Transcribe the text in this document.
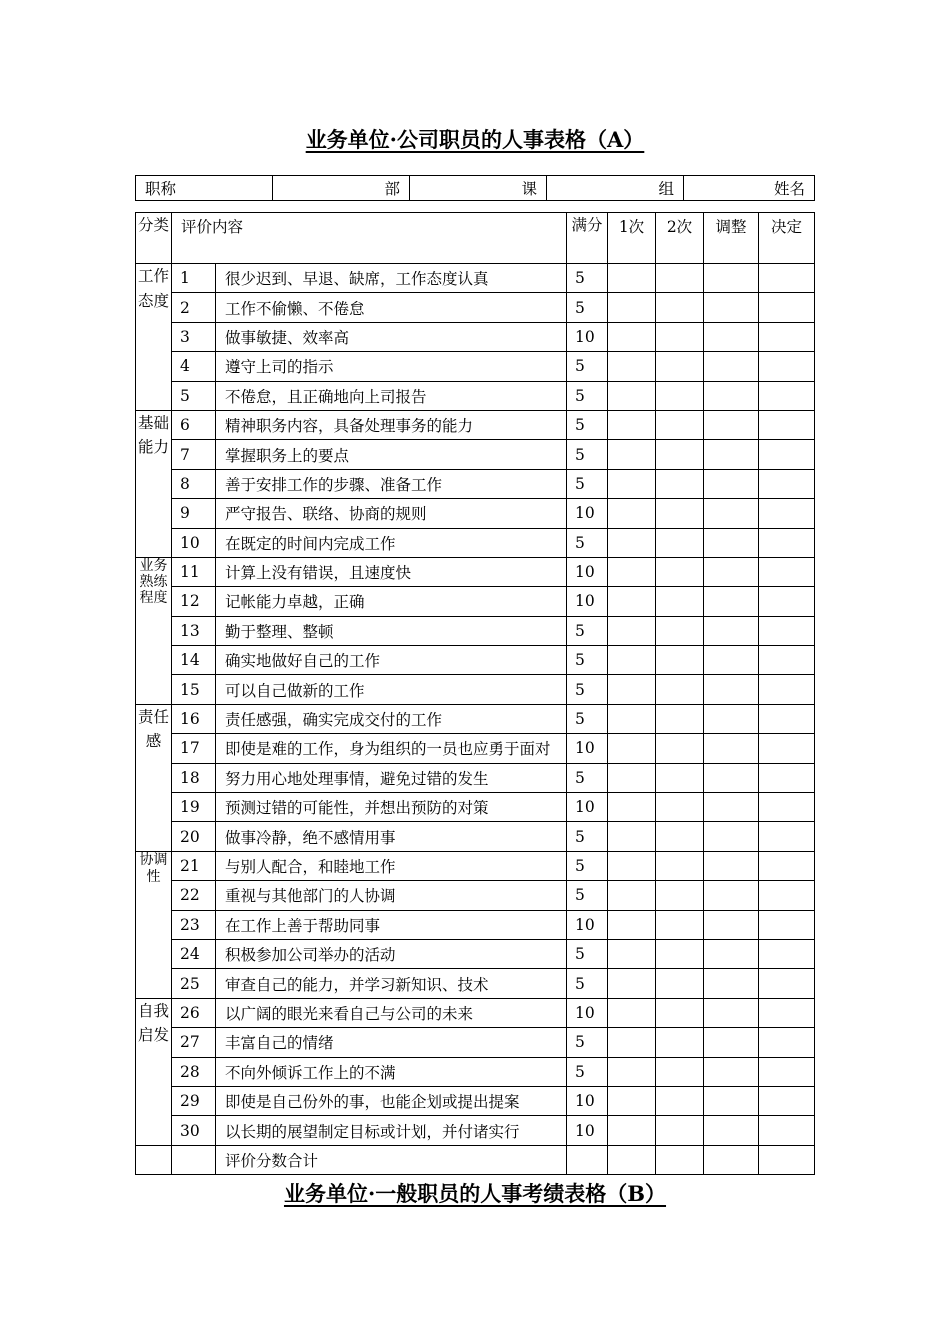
业务单位·公司职员的人事表格（A）
职称	部	课	组	姓名
分类	评价内容		满分	1次	2次	调整	决定
工作态度	1	很少迟到、早退、缺席，工作态度认真	5				
	2	工作不偷懒、不倦怠	5				
	3	做事敏捷、效率高	10				
	4	遵守上司的指示	5				
	5	不倦怠，且正确地向上司报告	5				
基础能力	6	精神职务内容，具备处理事务的能力	5				
	7	掌握职务上的要点	5				
	8	善于安排工作的步骤、准备工作	5				
	9	严守报告、联络、协商的规则	10				
	10	在既定的时间内完成工作	5				
业务熟练程度	11	计算上没有错误，且速度快	10				
	12	记帐能力卓越，正确	10				
	13	勤于整理、整顿	5				
	14	确实地做好自己的工作	5				
	15	可以自己做新的工作	5				
责任感	16	责任感强，确实完成交付的工作	5				
	17	即使是难的工作，身为组织的一员也应勇于面对	10				
	18	努力用心地处理事情，避免过错的发生	5				
	19	预测过错的可能性，并想出预防的对策	10				
	20	做事冷静，绝不感情用事	5				
协调性	21	与别人配合，和睦地工作	5				
	22	重视与其他部门的人协调	5				
	23	在工作上善于帮助同事	10				
	24	积极参加公司举办的活动	5				
	25	审查自己的能力，并学习新知识、技术	5				
自我启发	26	以广阔的眼光来看自己与公司的未来	10				
	27	丰富自己的情绪	5				
	28	不向外倾诉工作上的不满	5				
	29	即使是自己份外的事，也能企划或提出提案	10				
	30	以长期的展望制定目标或计划，并付诸实行	10				
		评价分数合计					
业务单位·一般职员的人事考绩表格（B）
